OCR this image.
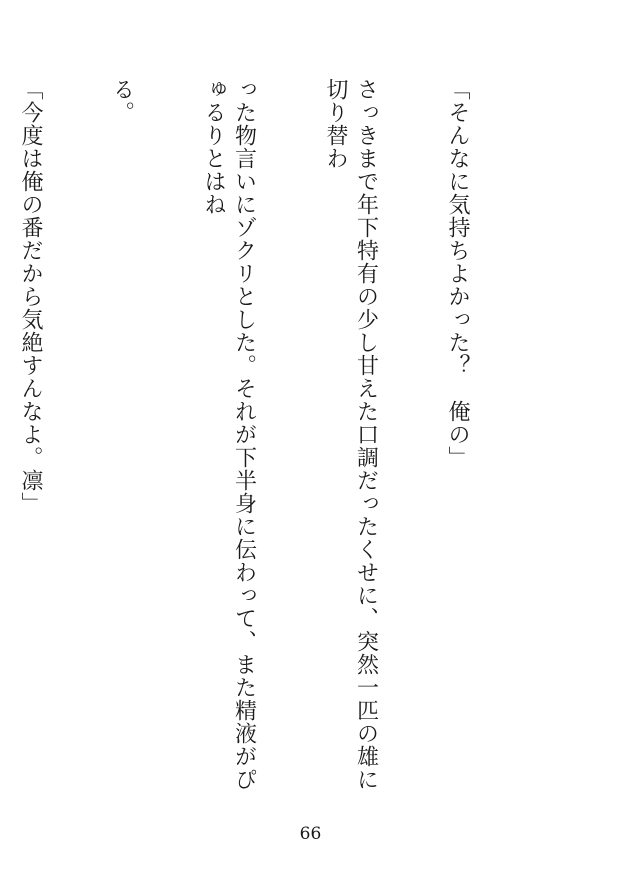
「そんなに気持ちよかった？　俺の」

さっきまで年下特有の少し甘えた口調だったくせに、突然一匹の雄に切り替わ

った物言いにゾクリとした。それが下半身に伝わって、また精液がぴゅるりとはね

る。

「今度は俺の番だから気絶すんなよ。凛」

66
